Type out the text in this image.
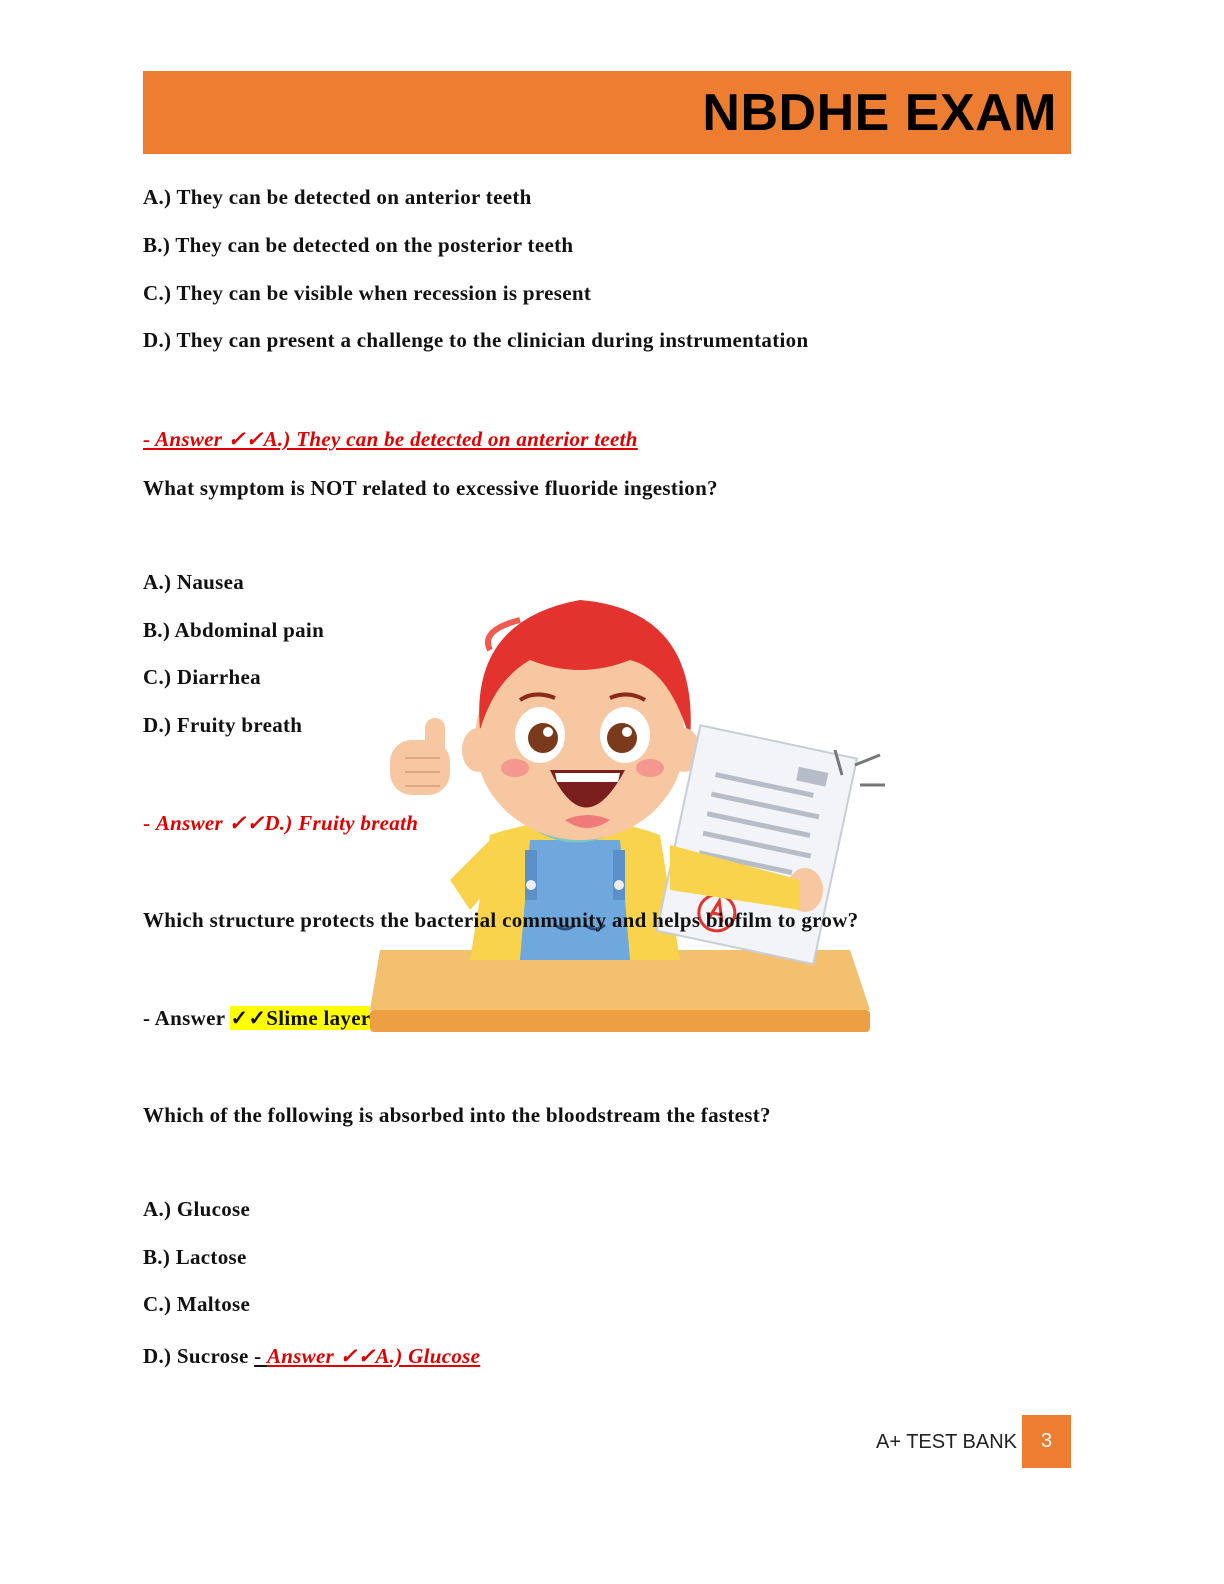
NBDHE EXAM
A.) They can be detected on anterior teeth
B.) They can be detected on the posterior teeth
C.) They can be visible when recession is present
D.) They can present a challenge to the clinician during instrumentation
- Answer ✓✓A.) They can be detected on anterior teeth
What symptom is NOT related to excessive fluoride ingestion?
A.) Nausea
B.) Abdominal pain
C.) Diarrhea
D.) Fruity breath
- Answer ✓✓D.) Fruity breath
Which structure protects the bacterial community and helps biofilm to grow?
- Answer ✓✓Slime layer
Which of the following is absorbed into the bloodstream the fastest?
A.) Glucose
B.) Lactose
C.) Maltose
D.) Sucrose - Answer ✓✓A.) Glucose
A+ TEST BANK	3
